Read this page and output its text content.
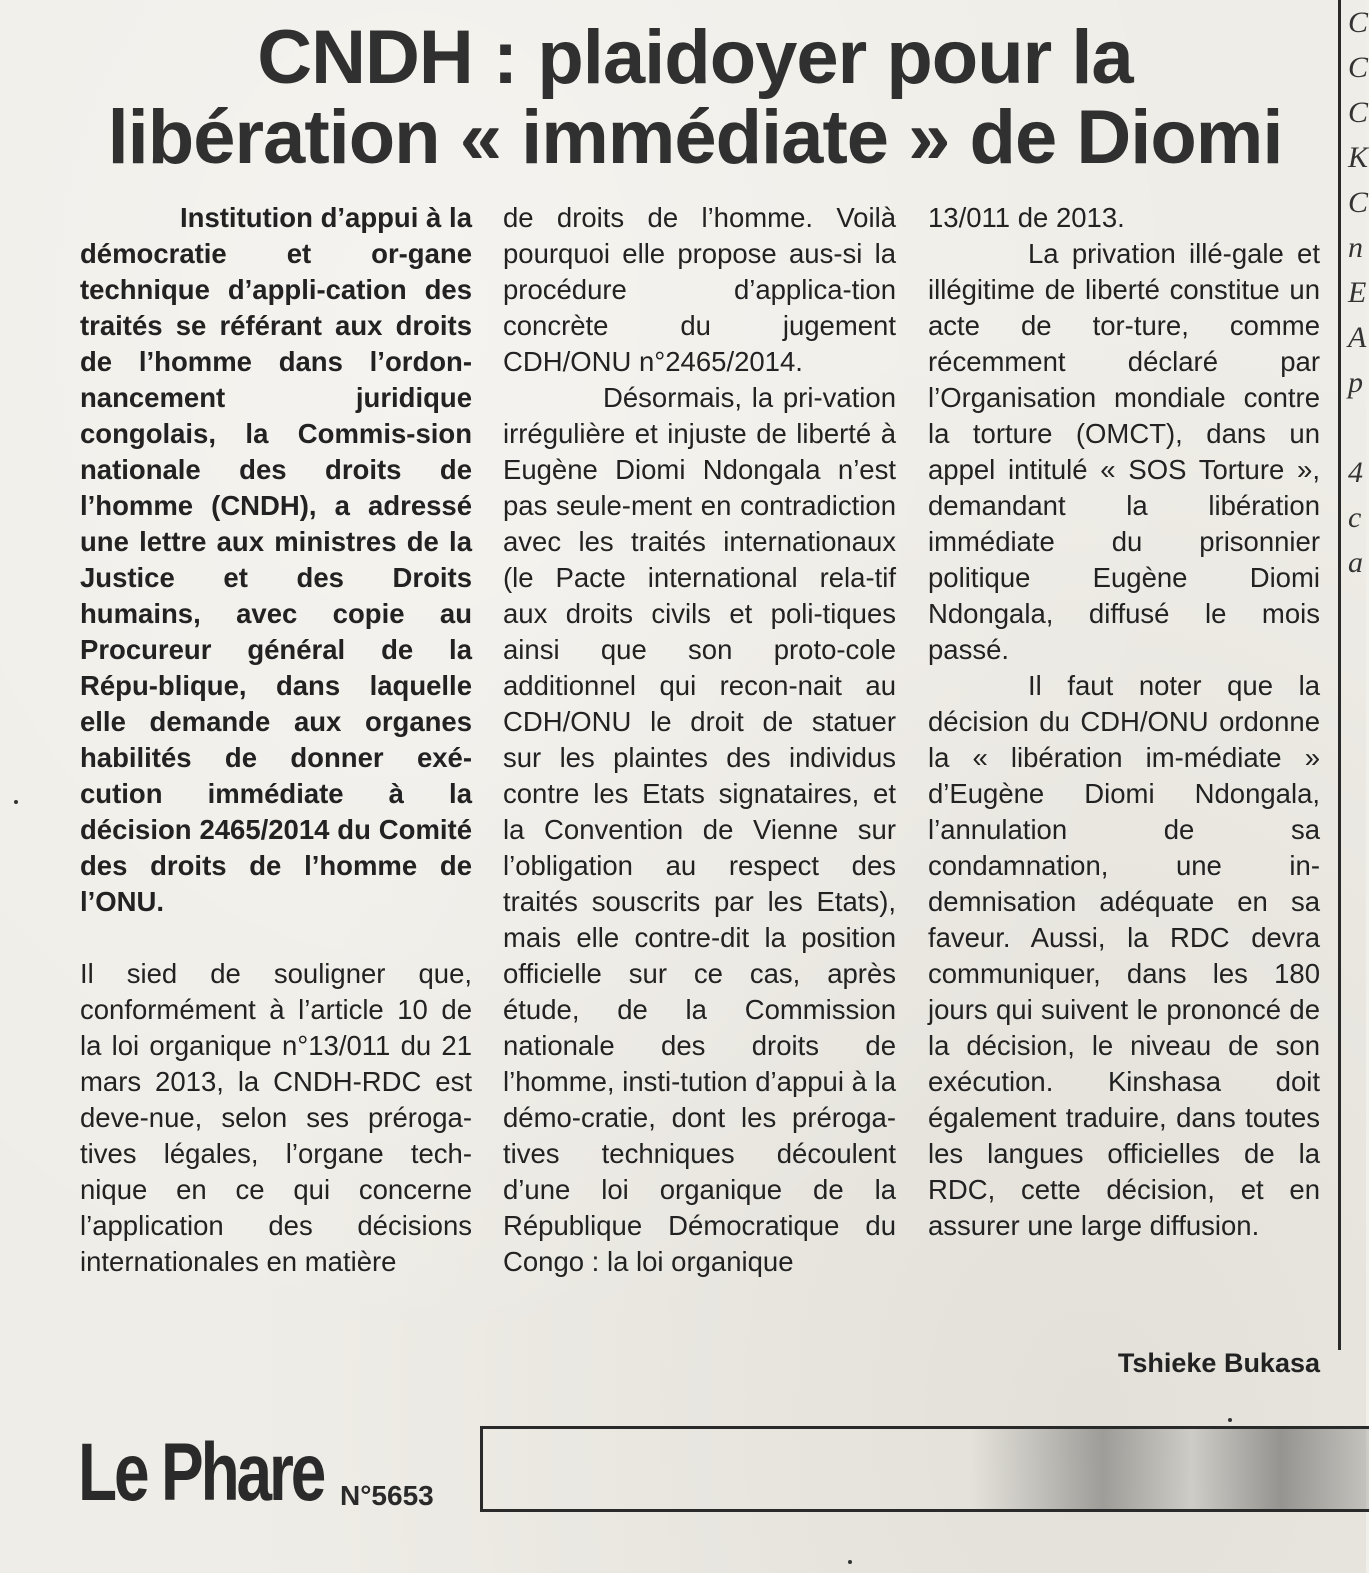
C
C
C
K
C
n
E
A
p

4
c
a
CNDH : plaidoyer pour la
libération « immédiate » de Diomi

Institution d’appui à la démocratie et or-gane technique d’appli-cation des traités se référant aux droits de l’homme dans l’ordon-nancement juridique congolais, la Commis-sion nationale des droits de l’homme (CNDH), a adressé une lettre aux ministres de la Justice et des Droits humains, avec copie au Procureur général de la Répu-blique, dans laquelle elle demande aux organes habilités de donner exé-cution immédiate à la décision 2465/2014 du Comité des droits de l’homme de l’ONU.

Il sied de souligner que, conformément à l’article 10 de la loi organique n°13/011 du 21 mars 2013, la CNDH-RDC est deve-nue, selon ses préroga-tives légales, l’organe tech-nique en ce qui concerne l’application des décisions internationales en matière

de droits de l’homme. Voilà pourquoi elle propose aus-si la procédure d’applica-tion concrète du jugement CDH/ONU n°2465/2014.

Désormais, la pri-vation irrégulière et injuste de liberté à Eugène Diomi Ndongala n’est pas seule-ment en contradiction avec les traités internationaux (le Pacte international rela-tif aux droits civils et poli-tiques ainsi que son proto-cole additionnel qui recon-nait au CDH/ONU le droit de statuer sur les plaintes des individus contre les Etats signataires, et la Convention de Vienne sur l’obligation au respect des traités souscrits par les Etats), mais elle contre-dit la position officielle sur ce cas, après étude, de la Commission nationale des droits de l’homme, insti-tution d’appui à la démo-cratie, dont les préroga-tives techniques découlent d’une loi organique de la République Démocratique du Congo : la loi organique

13/011 de 2013.

La privation illé-gale et illégitime de liberté constitue un acte de tor-ture, comme récemment déclaré par l’Organisation mondiale contre la torture (OMCT), dans un appel intitulé « SOS Torture », demandant la libération immédiate du prisonnier politique Eugène Diomi Ndongala, diffusé le mois passé.

Il faut noter que la décision du CDH/ONU ordonne la « libération im-médiate » d’Eugène Diomi Ndongala, l’annulation de sa condamnation, une in-demnisation adéquate en sa faveur. Aussi, la RDC devra communiquer, dans les 180 jours qui suivent le prononcé de la décision, le niveau de son exécution. Kinshasa doit également traduire, dans toutes les langues officielles de la RDC, cette décision, et en assurer une large diffusion.

Tshieke Bukasa
Le Phare N°5653
